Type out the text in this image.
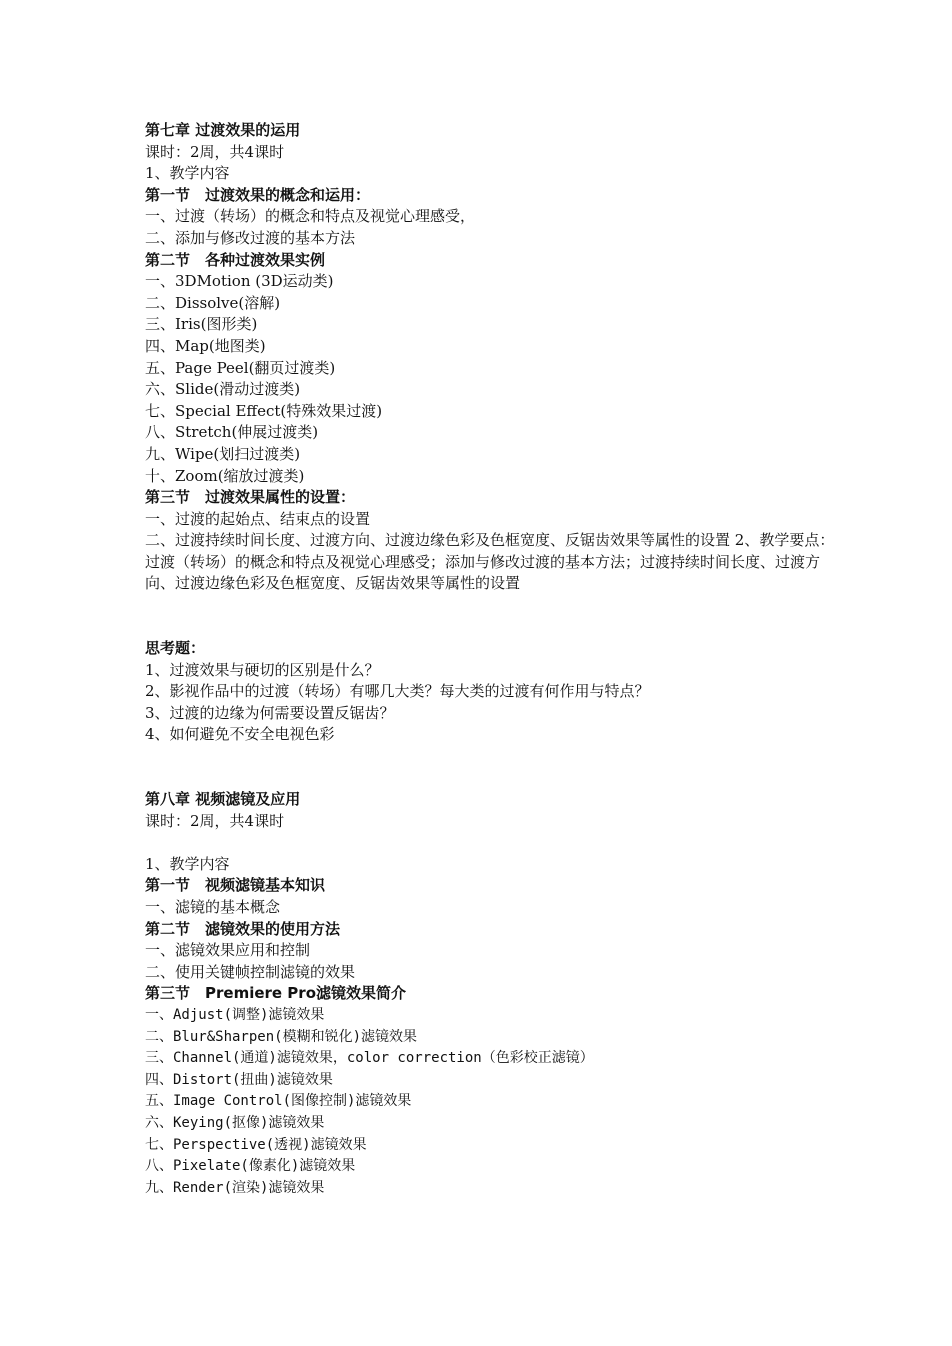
第七章 过渡效果的运用
课时：2周，共4课时
1、教学内容
第一节　过渡效果的概念和运用：
一、过渡（转场）的概念和特点及视觉心理感受，
二、添加与修改过渡的基本方法
第二节　各种过渡效果实例
一、3DMotion (3D运动类)
二、Dissolve(溶解)
三、Iris(图形类)
四、Map(地图类)
五、Page Peel(翻页过渡类)
六、Slide(滑动过渡类)
七、Special Effect(特殊效果过渡)
八、Stretch(伸展过渡类)
九、Wipe(划扫过渡类)
十、Zoom(缩放过渡类)
第三节　过渡效果属性的设置：
一、过渡的起始点、结束点的设置
二、过渡持续时间长度、过渡方向、过渡边缘色彩及色框宽度、反锯齿效果等属性的设置 2、教学要点：过渡（转场）的概念和特点及视觉心理感受；添加与修改过渡的基本方法；过渡持续时间长度、过渡方向、过渡边缘色彩及色框宽度、反锯齿效果等属性的设置
思考题：
1、过渡效果与硬切的区别是什么？
2、影视作品中的过渡（转场）有哪几大类？每大类的过渡有何作用与特点？
3、过渡的边缘为何需要设置反锯齿？
4、如何避免不安全电视色彩
第八章 视频滤镜及应用
课时：2周，共4课时
1、教学内容
第一节　视频滤镜基本知识
一、滤镜的基本概念
第二节　滤镜效果的使用方法
一、滤镜效果应用和控制
二、使用关键帧控制滤镜的效果
第三节　Premiere Pro滤镜效果简介
一、Adjust(调整)滤镜效果
二、Blur&Sharpen(模糊和锐化)滤镜效果
三、Channel(通道)滤镜效果，color correction（色彩校正滤镜）
四、Distort(扭曲)滤镜效果
五、Image Control(图像控制)滤镜效果
六、Keying(抠像)滤镜效果
七、Perspective(透视)滤镜效果
八、Pixelate(像素化)滤镜效果
九、Render(渲染)滤镜效果
